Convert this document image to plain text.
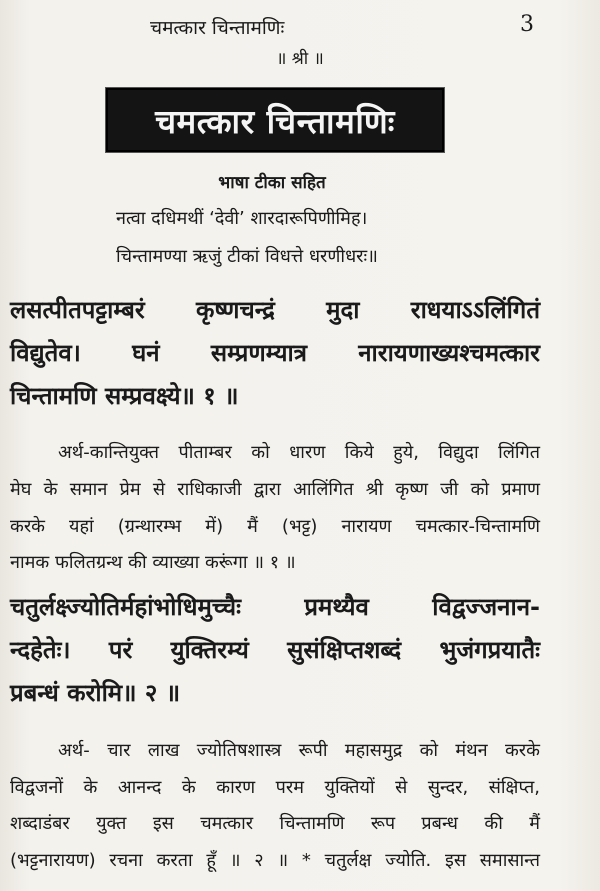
चमत्कार चिन्तामणिः	3
॥ श्री ॥
चमत्कार चिन्तामणिः
भाषा टीका सहित
नत्वा दधिमथीं ‘देवी’ शारदारूपिणीमिह।
चिन्तामण्या ऋजुं टीकां विधत्ते धरणीधरः॥
लसत्पीतपट्टाम्बरं कृष्णचन्द्रं मुदा राधयाऽऽलिंगितं
विद्युतेव। घनं सम्प्रणम्यात्र नारायणाख्यश्चमत्कार
चिन्तामणि सम्प्रवक्ष्ये॥ १ ॥
अर्थ-कान्तियुक्त पीताम्बर को धारण किये हुये, विद्युदा लिंगित
मेघ के समान प्रेम से राधिकाजी द्वारा आलिंगित श्री कृष्ण जी को प्रमाण
करके यहां (ग्रन्थारम्भ में) मैं (भट्ट) नारायण चमत्कार-चिन्तामणि
नामक फलितग्रन्थ की व्याख्या करूंगा ॥ १ ॥
चतुर्लक्ष्ज्योतिर्महांभोधिमुच्चैः प्रमथ्यैव विद्वज्जनान-
न्दहेतेः। परं युक्तिरम्यं सुसंक्षिप्तशब्दं भुजंगप्रयातैः
प्रबन्धं करोमि॥ २ ॥
अर्थ- चार लाख ज्योतिषशास्त्र रूपी महासमुद्र को मंथन करके
विद्वजनों के आनन्द के कारण परम युक्तियों से सुन्दर, संक्षिप्त,
शब्दाडंबर युक्त इस चमत्कार चिन्तामणि रूप प्रबन्ध की मैं
(भट्टनारायण) रचना करता हूँ ॥ २ ॥ * चतुर्लक्ष ज्योति. इस समासान्त
